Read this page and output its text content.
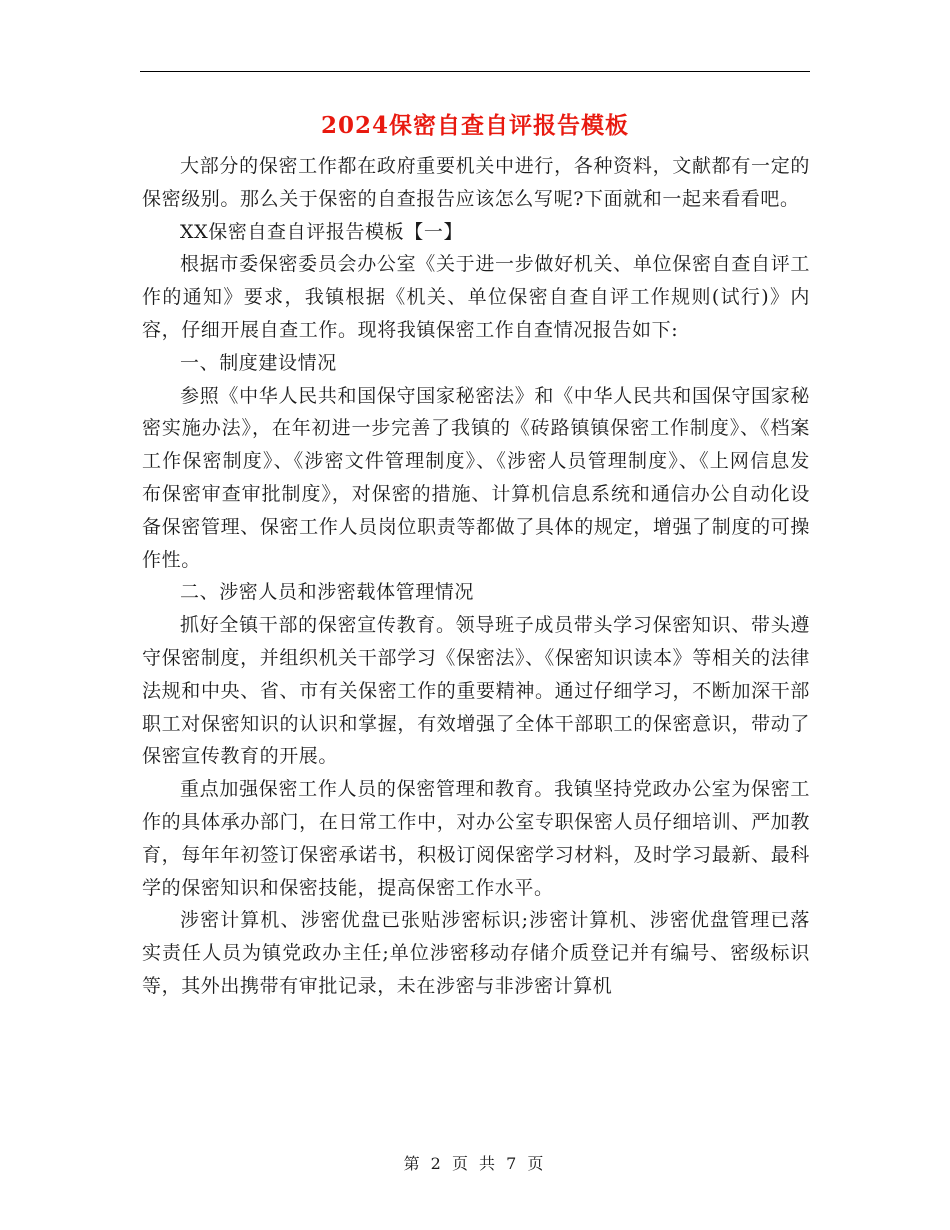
2024保密自查自评报告模板

大部分的保密工作都在政府重要机关中进行，各种资料，文献都有一定的保密级别。那么关于保密的自查报告应该怎么写呢?下面就和一起来看看吧。

XX保密自查自评报告模板【一】

根据市委保密委员会办公室《关于进一步做好机关、单位保密自查自评工作的通知》要求，我镇根据《机关、单位保密自查自评工作规则(试行)》内容，仔细开展自查工作。现将我镇保密工作自查情况报告如下:

一、制度建设情况

参照《中华人民共和国保守国家秘密法》和《中华人民共和国保守国家秘密实施办法》，在年初进一步完善了我镇的《砖路镇镇保密工作制度》、《档案工作保密制度》、《涉密文件管理制度》、《涉密人员管理制度》、《上网信息发布保密审查审批制度》，对保密的措施、计算机信息系统和通信办公自动化设备保密管理、保密工作人员岗位职责等都做了具体的规定，增强了制度的可操作性。

二、涉密人员和涉密载体管理情况

抓好全镇干部的保密宣传教育。领导班子成员带头学习保密知识、带头遵守保密制度，并组织机关干部学习《保密法》、《保密知识读本》等相关的法律法规和中央、省、市有关保密工作的重要精神。通过仔细学习，不断加深干部职工对保密知识的认识和掌握，有效增强了全体干部职工的保密意识，带动了保密宣传教育的开展。

重点加强保密工作人员的保密管理和教育。我镇坚持党政办公室为保密工作的具体承办部门，在日常工作中，对办公室专职保密人员仔细培训、严加教育，每年年初签订保密承诺书，积极订阅保密学习材料，及时学习最新、最科学的保密知识和保密技能，提高保密工作水平。

涉密计算机、涉密优盘已张贴涉密标识;涉密计算机、涉密优盘管理已落实责任人员为镇党政办主任;单位涉密移动存储介质登记并有编号、密级标识等，其外出携带有审批记录，未在涉密与非涉密计算机

第 2 页 共 7 页
